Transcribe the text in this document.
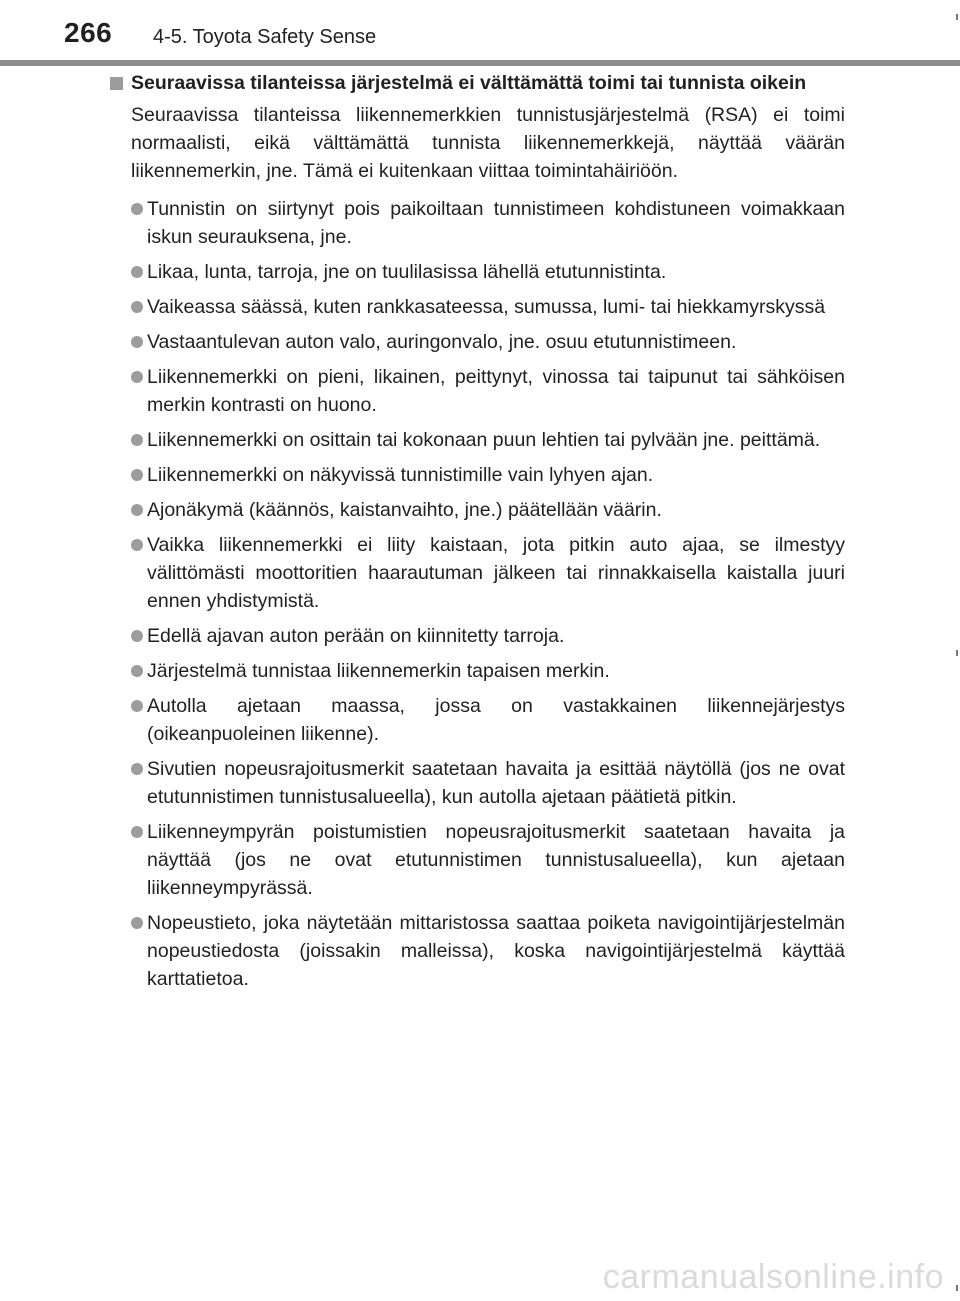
266 4-5. Toyota Safety Sense
Seuraavissa tilanteissa järjestelmä ei välttämättä toimi tai tunnista oikein
Seuraavissa tilanteissa liikennemerkkien tunnistusjärjestelmä (RSA) ei toimi normaalisti, eikä välttämättä tunnista liikennemerkkejä, näyttää väärän liikennemerkin, jne. Tämä ei kuitenkaan viittaa toimintahäiriöön.
Tunnistin on siirtynyt pois paikoiltaan tunnistimeen kohdistuneen voimakkaan iskun seurauksena, jne.
Likaa, lunta, tarroja, jne on tuulilasissa lähellä etutunnistinta.
Vaikeassa säässä, kuten rankkasateessa, sumussa, lumi- tai hiekkamyrskyssä
Vastaantulevan auton valo, auringonvalo, jne. osuu etutunnistimeen.
Liikennemerkki on pieni, likainen, peittynyt, vinossa tai taipunut tai sähköisen merkin kontrasti on huono.
Liikennemerkki on osittain tai kokonaan puun lehtien tai pylvään jne. peittämä.
Liikennemerkki on näkyvissä tunnistimille vain lyhyen ajan.
Ajonäkymä (käännös, kaistanvaihto, jne.) päätellään väärin.
Vaikka liikennemerkki ei liity kaistaan, jota pitkin auto ajaa, se ilmestyy välittömästi moottoritien haarautuman jälkeen tai rinnakkaisella kaistalla juuri ennen yhdistymistä.
Edellä ajavan auton perään on kiinnitetty tarroja.
Järjestelmä tunnistaa liikennemerkin tapaisen merkin.
Autolla ajetaan maassa, jossa on vastakkainen liikennejärjestys (oikeanpuoleinen liikenne).
Sivutien nopeusrajoitusmerkit saatetaan havaita ja esittää näytöllä (jos ne ovat etutunnistimen tunnistusalueella), kun autolla ajetaan päätietä pitkin.
Liikenneympyrän poistumistien nopeusrajoitusmerkit saatetaan havaita ja näyttää (jos ne ovat etutunnistimen tunnistusalueella), kun ajetaan liikenneympyrässä.
Nopeustieto, joka näytetään mittaristossa saattaa poiketa navigointijärjestelmän nopeustiedosta (joissakin malleissa), koska navigointijärjestelmä käyttää karttatietoa.
carmanualsonline.info
